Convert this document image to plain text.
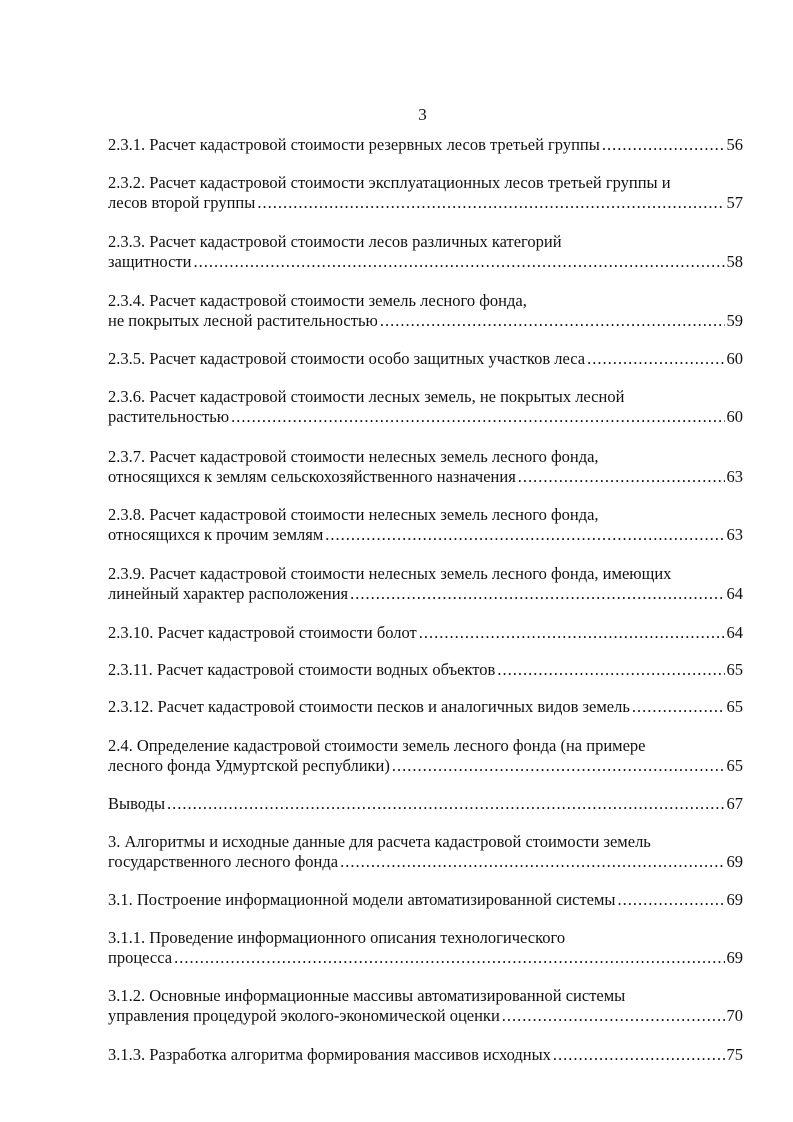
3
2.3.1. Расчет кадастровой стоимости резервных лесов третьей группы .....	56
2.3.2. Расчет кадастровой стоимости эксплуатационных лесов третьей группы и
лесов второй группы .....	57
2.3.3. Расчет кадастровой стоимости лесов различных категорий
защитности .....	58
2.3.4. Расчет кадастровой стоимости земель лесного фонда,
не покрытых лесной растительностью .....	59
2.3.5. Расчет кадастровой стоимости особо защитных участков леса .....	60
2.3.6. Расчет кадастровой стоимости лесных земель, не покрытых лесной
растительностью .....	60
2.3.7. Расчет кадастровой стоимости нелесных земель лесного фонда,
относящихся к землям сельскохозяйственного назначения .....	63
2.3.8. Расчет кадастровой стоимости нелесных земель лесного фонда,
относящихся к прочим землям .....	63
2.3.9. Расчет кадастровой стоимости нелесных земель лесного фонда, имеющих
линейный характер расположения .....	64
2.3.10. Расчет кадастровой стоимости болот .....	64
2.3.11. Расчет кадастровой стоимости водных объектов .....	65
2.3.12. Расчет кадастровой стоимости песков и аналогичных видов земель .....	65
2.4. Определение кадастровой стоимости земель лесного фонда (на примере
лесного фонда Удмуртской республики) .....	65
Выводы .....	67
3. Алгоритмы и исходные данные для расчета кадастровой стоимости земель
государственного лесного фонда .....	69
3.1. Построение информационной модели автоматизированной системы .....	69
3.1.1. Проведение информационного описания технологического
процесса .....	69
3.1.2. Основные информационные массивы автоматизированной системы
управления процедурой эколого-экономической оценки .....	70
3.1.3. Разработка алгоритма формирования массивов исходных .....	75
